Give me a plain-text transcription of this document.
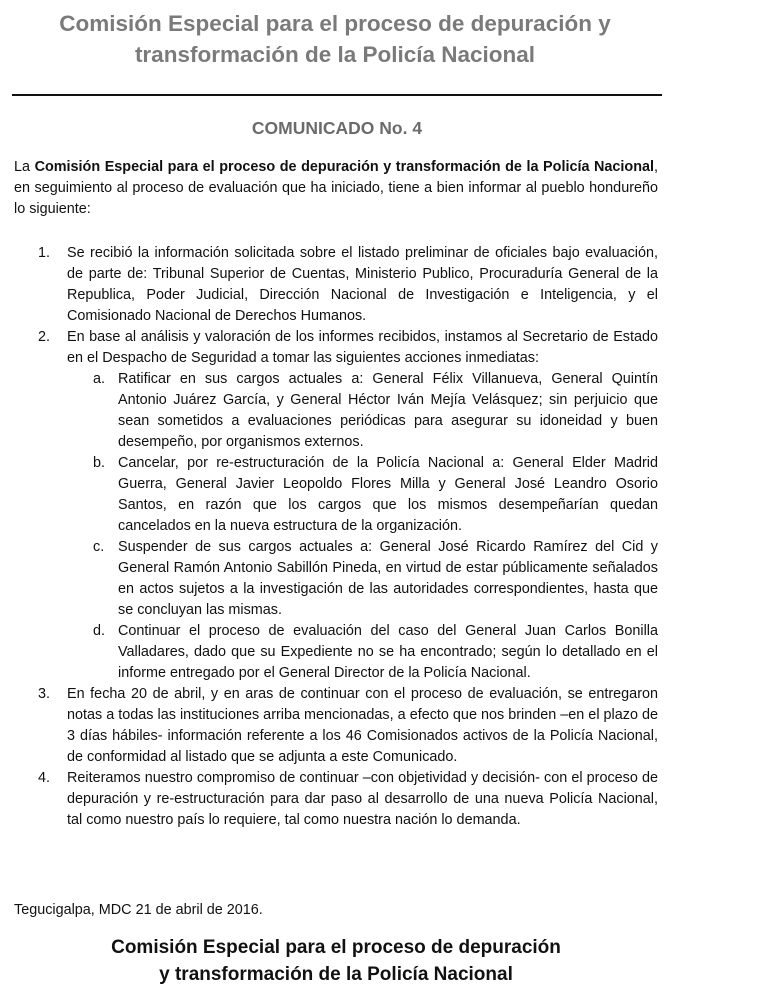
Comisión Especial para el proceso de depuración y
transformación de la Policía Nacional
COMUNICADO No. 4

La Comisión Especial para el proceso de depuración y transformación de la Policía Nacional, en seguimiento al proceso de evaluación que ha iniciado, tiene a bien informar al pueblo hondureño lo siguiente:

1. Se recibió la información solicitada sobre el listado preliminar de oficiales bajo evaluación, de parte de: Tribunal Superior de Cuentas, Ministerio Publico, Procuraduría General de la Republica, Poder Judicial, Dirección Nacional de Investigación e Inteligencia, y el Comisionado Nacional de Derechos Humanos.
2. En base al análisis y valoración de los informes recibidos, instamos al Secretario de Estado en el Despacho de Seguridad a tomar las siguientes acciones inmediatas:
a. Ratificar en sus cargos actuales a: General Félix Villanueva, General Quintín Antonio Juárez García, y General Héctor Iván Mejía Velásquez; sin perjuicio que sean sometidos a evaluaciones periódicas para asegurar su idoneidad y buen desempeño, por organismos externos.
b. Cancelar, por re-estructuración de la Policía Nacional a: General Elder Madrid Guerra, General Javier Leopoldo Flores Milla y General José Leandro Osorio Santos, en razón que los cargos que los mismos desempeñarían quedan cancelados en la nueva estructura de la organización.
c. Suspender de sus cargos actuales a: General José Ricardo Ramírez del Cid y General Ramón Antonio Sabillón Pineda, en virtud de estar públicamente señalados en actos sujetos a la investigación de las autoridades correspondientes, hasta que se concluyan las mismas.
d. Continuar el proceso de evaluación del caso del General Juan Carlos Bonilla Valladares, dado que su Expediente no se ha encontrado; según lo detallado en el informe entregado por el General Director de la Policía Nacional.
3. En fecha 20 de abril, y en aras de continuar con el proceso de evaluación, se entregaron notas a todas las instituciones arriba mencionadas, a efecto que nos brinden –en el plazo de 3 días hábiles- información referente a los 46 Comisionados activos de la Policía Nacional, de conformidad al listado que se adjunta a este Comunicado.
4. Reiteramos nuestro compromiso de continuar –con objetividad y decisión- con el proceso de depuración y re-estructuración para dar paso al desarrollo de una nueva Policía Nacional, tal como nuestro país lo requiere, tal como nuestra nación lo demanda.

Tegucigalpa, MDC 21 de abril de 2016.

Comisión Especial para el proceso de depuración
y transformación de la Policía Nacional
